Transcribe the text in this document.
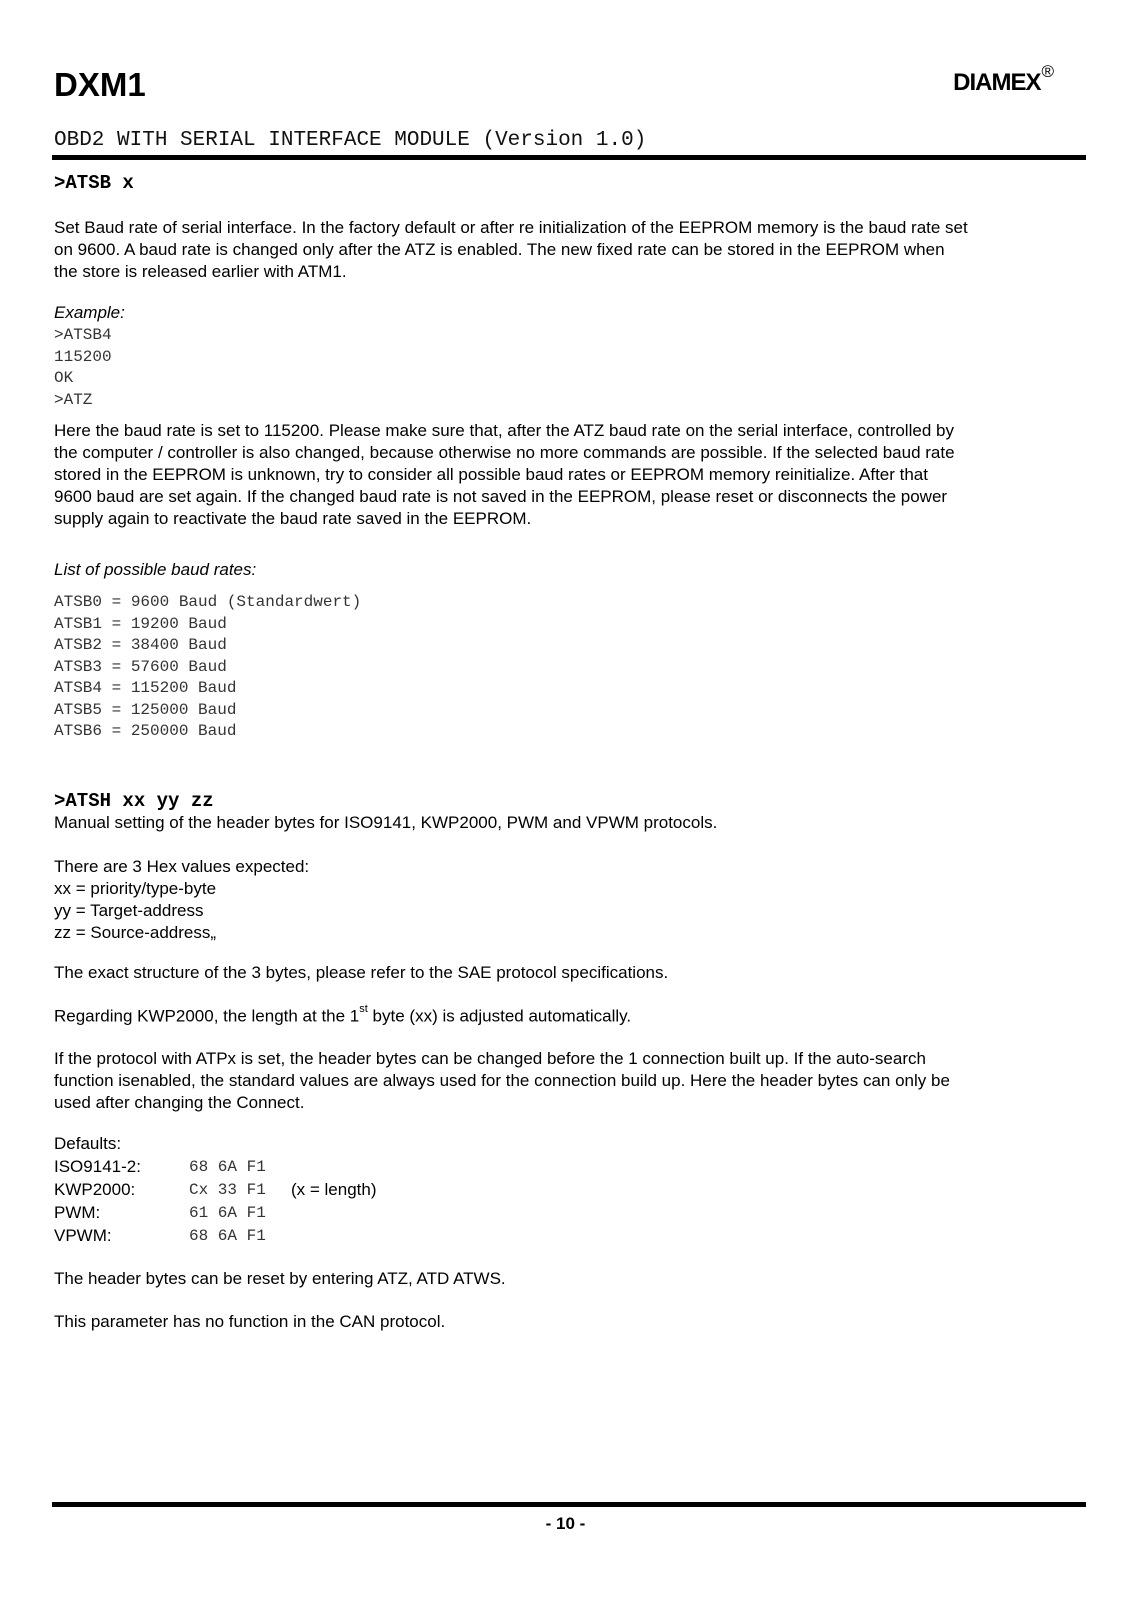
DXM1	DIAMEX®
OBD2 WITH SERIAL INTERFACE MODULE (Version 1.0)
>ATSB x
Set Baud rate of serial interface. In the factory default or after re initialization of the EEPROM memory is the baud rate set
on 9600. A baud rate is changed only after the ATZ is enabled. The new fixed rate can be stored in the EEPROM when
the store is released earlier with ATM1.
Example:
>ATSB4
115200
OK
>ATZ
Here the baud rate is set to 115200. Please make sure that, after the ATZ baud rate on the serial interface, controlled by
the computer / controller is also changed, because otherwise no more commands are possible. If the selected baud rate
stored in the EEPROM is unknown, try to consider all possible baud rates or EEPROM memory reinitialize. After that
9600 baud are set again. If the changed baud rate is not saved in the EEPROM, please reset or disconnects the power
supply again to reactivate the baud rate saved in the EEPROM.
List of possible baud rates:
ATSB0 = 9600 Baud (Standardwert)
ATSB1 = 19200 Baud
ATSB2 = 38400 Baud
ATSB3 = 57600 Baud
ATSB4 = 115200 Baud
ATSB5 = 125000 Baud
ATSB6 = 250000 Baud
>ATSH xx yy zz
Manual setting of the header bytes for ISO9141, KWP2000, PWM and VPWM protocols.
There are 3 Hex values expected:
xx = priority/type-byte
yy = Target-address
zz = Source-address„
The exact structure of the 3 bytes, please refer to the SAE protocol specifications.
Regarding KWP2000, the length at the 1st byte (xx) is adjusted automatically.
If the protocol with ATPx is set, the header bytes can be changed before the 1 connection built up. If the auto-search
function isenabled, the standard values are always used for the connection build up. Here the header bytes can only be
used after changing the Connect.
Defaults:
ISO9141-2:	68 6A F1
KWP2000:	Cx 33 F1 (x = length)
PWM:	61 6A F1
VPWM:	68 6A F1
The header bytes can be reset by entering ATZ, ATD ATWS.
This parameter has no function in the CAN protocol.
- 10 -
